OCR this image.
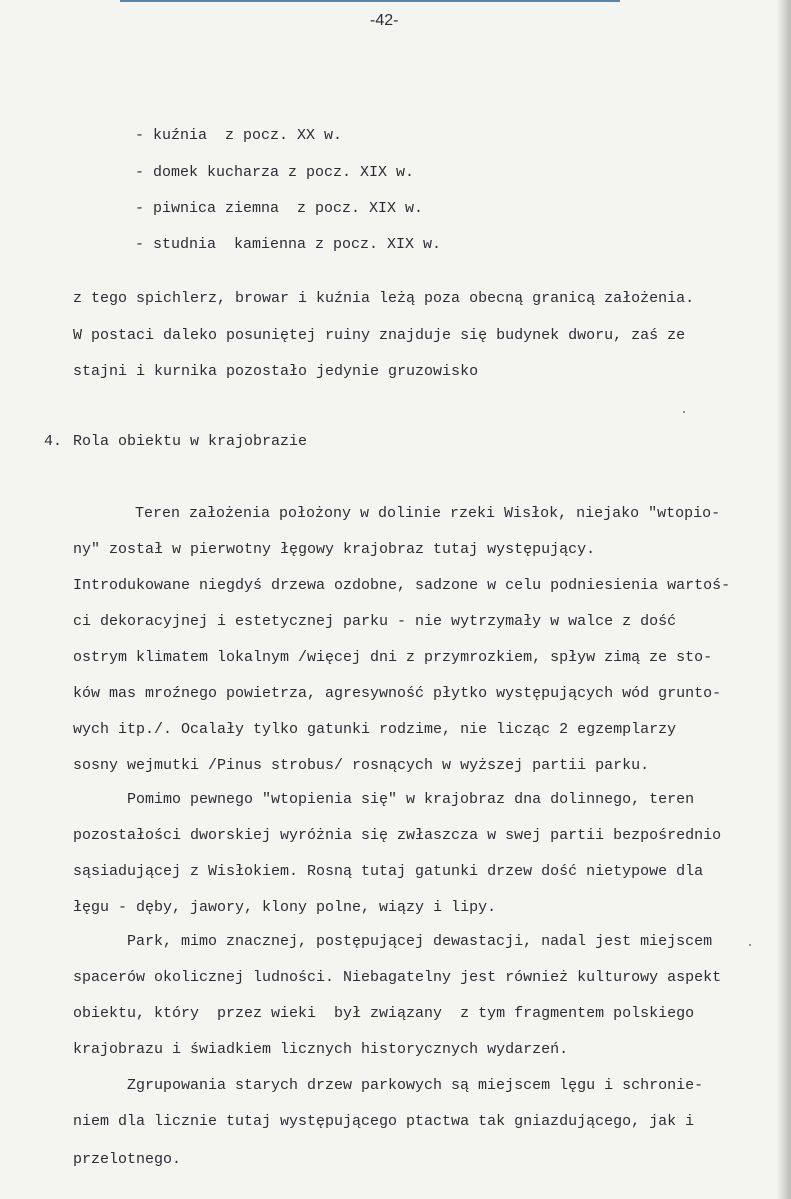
-42-
- kuźnia  z pocz. XX w.
- domek kucharza z pocz. XIX w.
- piwnica ziemna  z pocz. XIX w.
- studnia  kamienna z pocz. XIX w.
z tego spichlerz, browar i kuźnia leżą poza obecną granicą założenia.
W postaci daleko posuniętej ruiny znajduje się budynek dworu, zaś ze
stajni i kurnika pozostało jedynie gruzowisko
4. Rola obiektu w krajobrazie
Teren założenia położony w dolinie rzeki Wisłok, niejako "wtopio-
ny" został w pierwotny łęgowy krajobraz tutaj występujący.
Introdukowane niegdyś drzewa ozdobne, sadzone w celu podniesienia wartoś-
ci dekoracyjnej i estetycznej parku - nie wytrzymały w walce z dość
ostrym klimatem lokalnym /więcej dni z przymrozkiem, spływ zimą ze sto-
ków mas mroźnego powietrza, agresywność płytko występujących wód grunto-
wych itp./. Ocalały tylko gatunki rodzime, nie licząc 2 egzemplarzy
sosny wejmutki /Pinus strobus/ rosnących w wyższej partii parku.
Pomimo pewnego "wtopienia się" w krajobraz dna dolinnego, teren
pozostałości dworskiej wyróżnia się zwłaszcza w swej partii bezpośrednio
sąsiadującej z Wisłokiem. Rosną tutaj gatunki drzew dość nietypowe dla
łęgu - dęby, jawory, klony polne, wiązy i lipy.
Park, mimo znacznej, postępującej dewastacji, nadal jest miejscem
spacerów okolicznej ludności. Niebagatelny jest również kulturowy aspekt
obiektu, który  przez wieki  był związany  z tym fragmentem polskiego
krajobrazu i świadkiem licznych historycznych wydarzeń.
Zgrupowania starych drzew parkowych są miejscem lęgu i schronie-
niem dla licznie tutaj występującego ptactwa tak gniazdującego, jak i
przelotnego.
